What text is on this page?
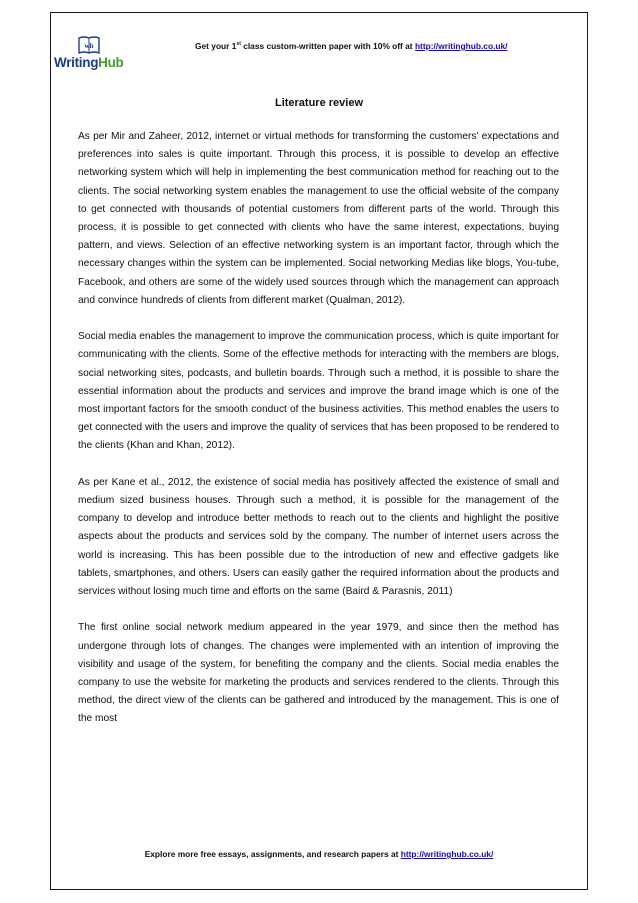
wh
WritingHub
Get your 1st class custom-written paper with 10% off at http://writinghub.co.uk/
Literature review

As per Mir and Zaheer, 2012, internet or virtual methods for transforming the customers’ expectations and preferences into sales is quite important. Through this process, it is possible to develop an effective networking system which will help in implementing the best communication method for reaching out to the clients. The social networking system enables the management to use the official website of the company to get connected with thousands of potential customers from different parts of the world. Through this process, it is possible to get connected with clients who have the same interest, expectations, buying pattern, and views. Selection of an effective networking system is an important factor, through which the necessary changes within the system can be implemented. Social networking Medias like blogs, You-tube, Facebook, and others are some of the widely used sources through which the management can approach and convince hundreds of clients from different market (Qualman, 2012).

Social media enables the management to improve the communication process, which is quite important for communicating with the clients. Some of the effective methods for interacting with the members are blogs, social networking sites, podcasts, and bulletin boards. Through such a method, it is possible to share the essential information about the products and services and improve the brand image which is one of the most important factors for the smooth conduct of the business activities. This method enables the users to get connected with the users and improve the quality of services that has been proposed to be rendered to the clients (Khan and Khan, 2012).

As per Kane et al., 2012, the existence of social media has positively affected the existence of small and medium sized business houses. Through such a method, it is possible for the management of the company to develop and introduce better methods to reach out to the clients and highlight the positive aspects about the products and services sold by the company. The number of internet users across the world is increasing. This has been possible due to the introduction of new and effective gadgets like tablets, smartphones, and others. Users can easily gather the required information about the products and services without losing much time and efforts on the same (Baird & Parasnis, 2011)

The first online social network medium appeared in the year 1979, and since then the method has undergone through lots of changes. The changes were implemented with an intention of improving the visibility and usage of the system, for benefiting the company and the clients. Social media enables the company to use the website for marketing the products and services rendered to the clients. Through this method, the direct view of the clients can be gathered and introduced by the management. This is one of the most

Explore more free essays, assignments, and research papers at http://writinghub.co.uk/
